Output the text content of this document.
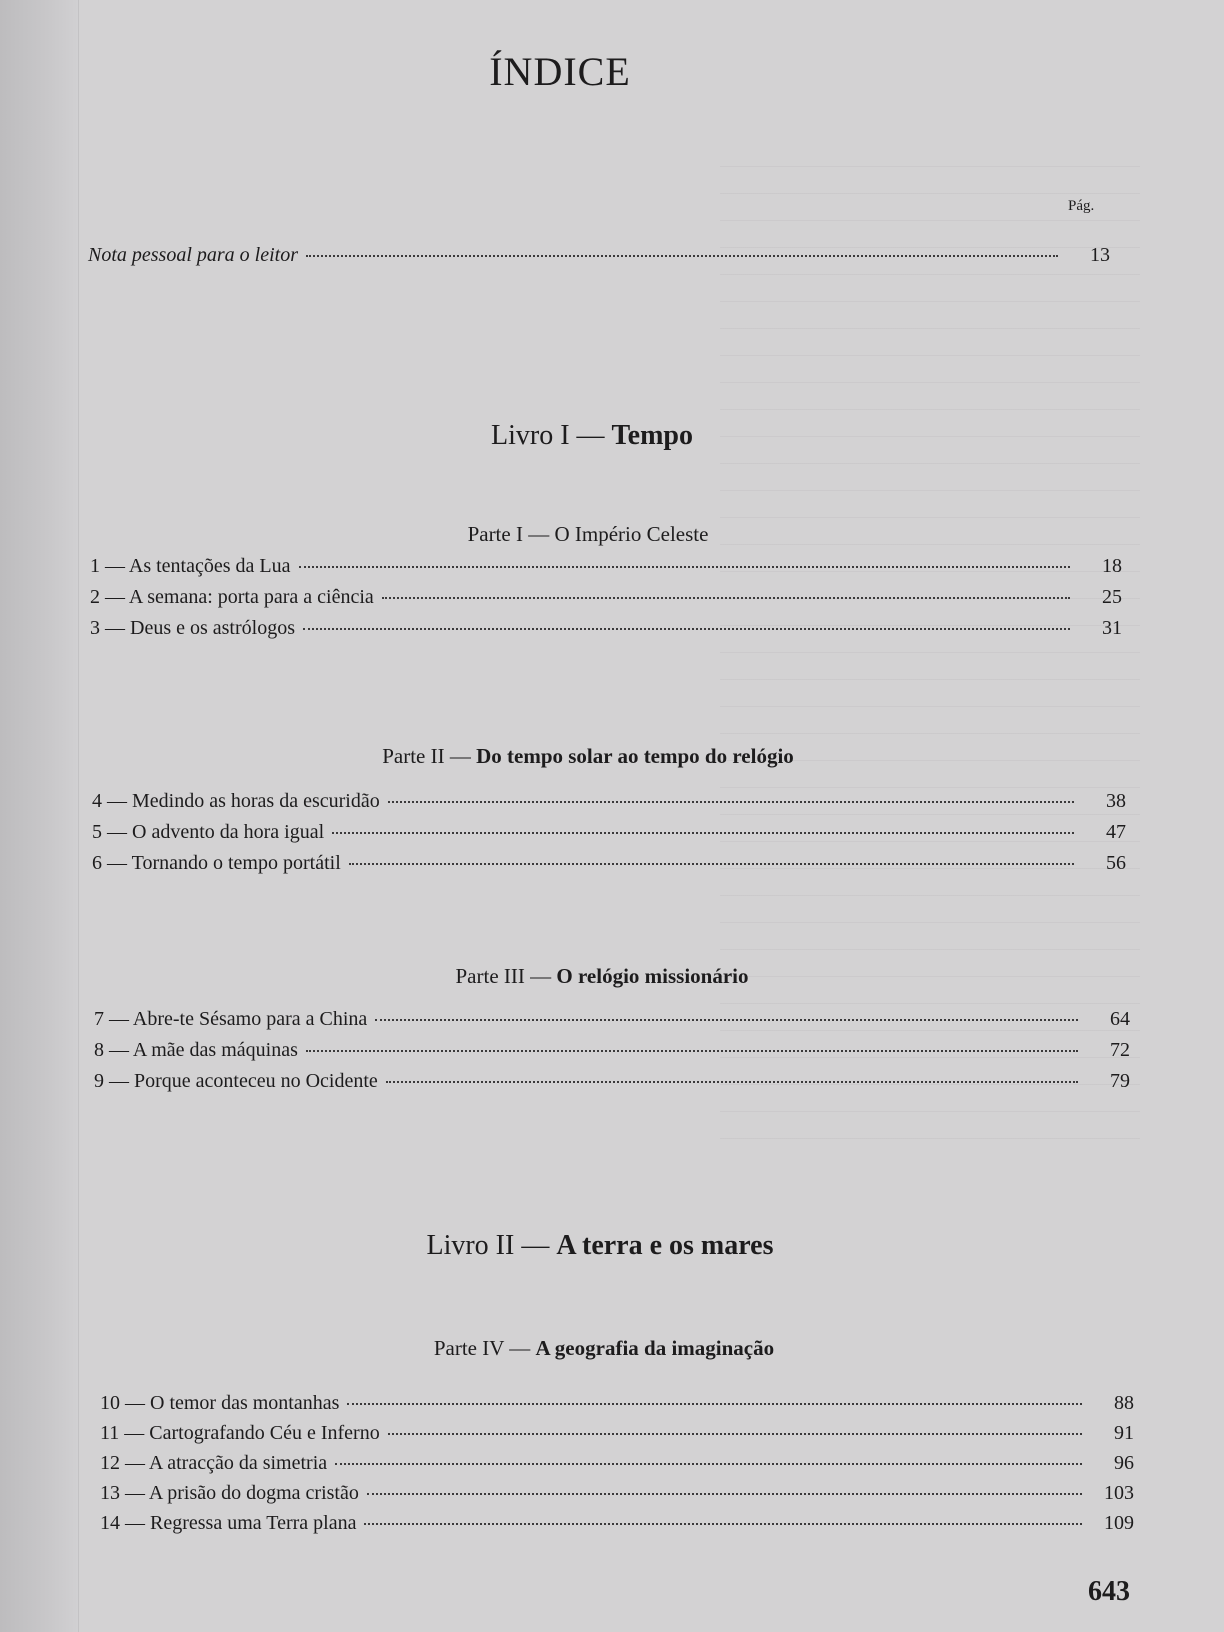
ÍNDICE
Pág.
Nota pessoal para o leitor	13
Livro I — Tempo
Parte I — O Império Celeste
1 — As tentações da Lua	18
2 — A semana: porta para a ciência	25
3 — Deus e os astrólogos	31
Parte II — Do tempo solar ao tempo do relógio
4 — Medindo as horas da escuridão	38
5 — O advento da hora igual	47
6 — Tornando o tempo portátil	56
Parte III — O relógio missionário
7 — Abre-te Sésamo para a China	64
8 — A mãe das máquinas	72
9 — Porque aconteceu no Ocidente	79
Livro II — A terra e os mares
Parte IV — A geografia da imaginação
10 — O temor das montanhas	88
11 — Cartografando Céu e Inferno	91
12 — A atracção da simetria	96
13 — A prisão do dogma cristão	103
14 — Regressa uma Terra plana	109
643
